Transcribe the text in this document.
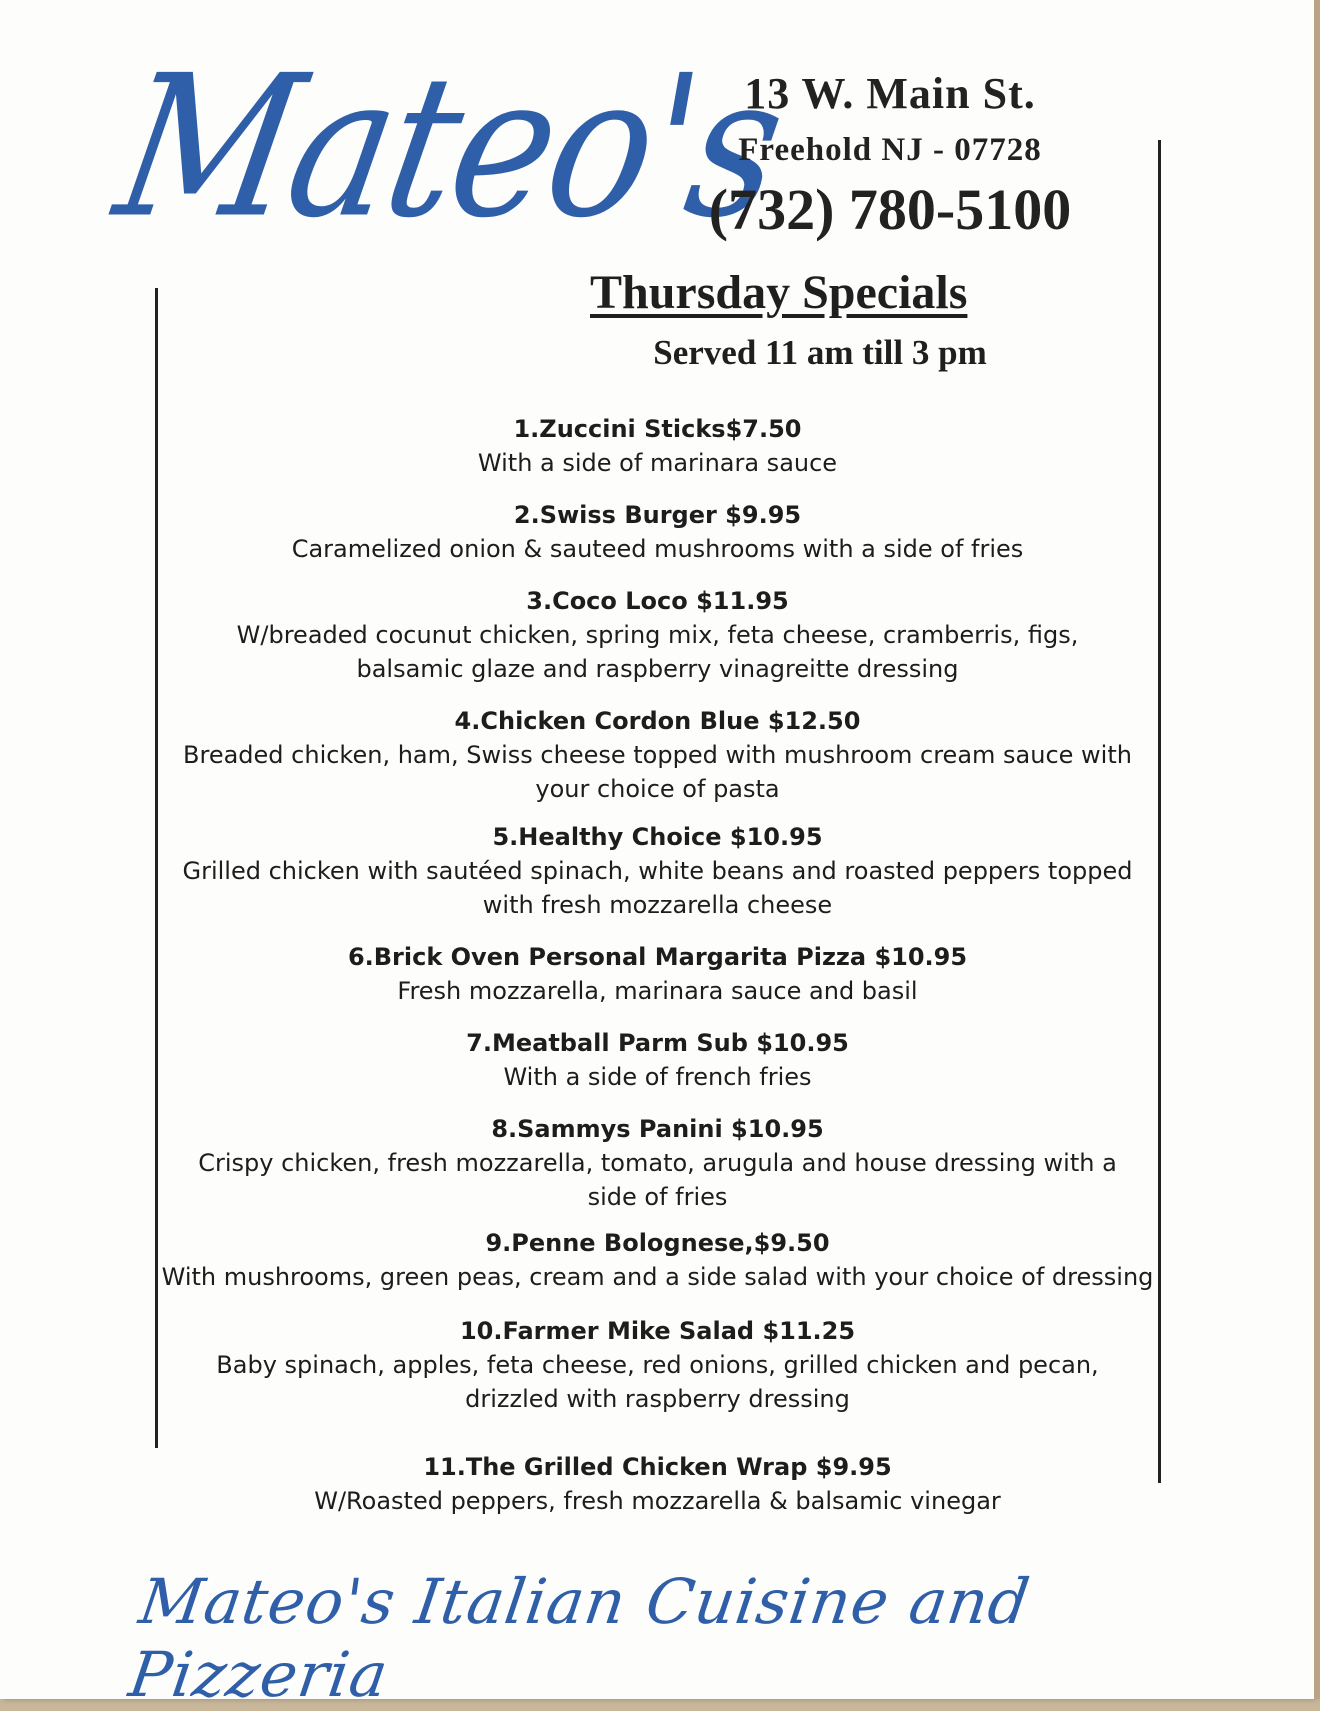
Mateo's
13 W. Main St.
Freehold NJ - 07728
(732) 780-5100
Thursday Specials
Served 11 am till 3 pm
1.Zuccini Sticks$7.50
With a side of marinara sauce
2.Swiss Burger $9.95
Caramelized onion & sauteed mushrooms with a side of fries
3.Coco Loco $11.95
W/breaded cocunut chicken, spring mix, feta cheese, cramberris, figs,
balsamic glaze and raspberry vinagreitte dressing
4.Chicken Cordon Blue $12.50
Breaded chicken, ham, Swiss cheese topped with mushroom cream sauce with
your choice of pasta
5.Healthy Choice $10.95
Grilled chicken with sautéed spinach, white beans and roasted peppers topped
with fresh mozzarella cheese
6.Brick Oven Personal Margarita Pizza $10.95
Fresh mozzarella, marinara sauce and basil
7.Meatball Parm Sub $10.95
With a side of french fries
8.Sammys Panini $10.95
Crispy chicken, fresh mozzarella, tomato, arugula and house dressing with a
side of fries
9.Penne Bolognese,$9.50
With mushrooms, green peas, cream and a side salad with your choice of dressing
10.Farmer Mike Salad $11.25
Baby spinach, apples, feta cheese, red onions, grilled chicken and pecan,
drizzled with raspberry dressing
11.The Grilled Chicken Wrap $9.95
W/Roasted peppers, fresh mozzarella & balsamic vinegar
Mateo's Italian Cuisine and Pizzeria
